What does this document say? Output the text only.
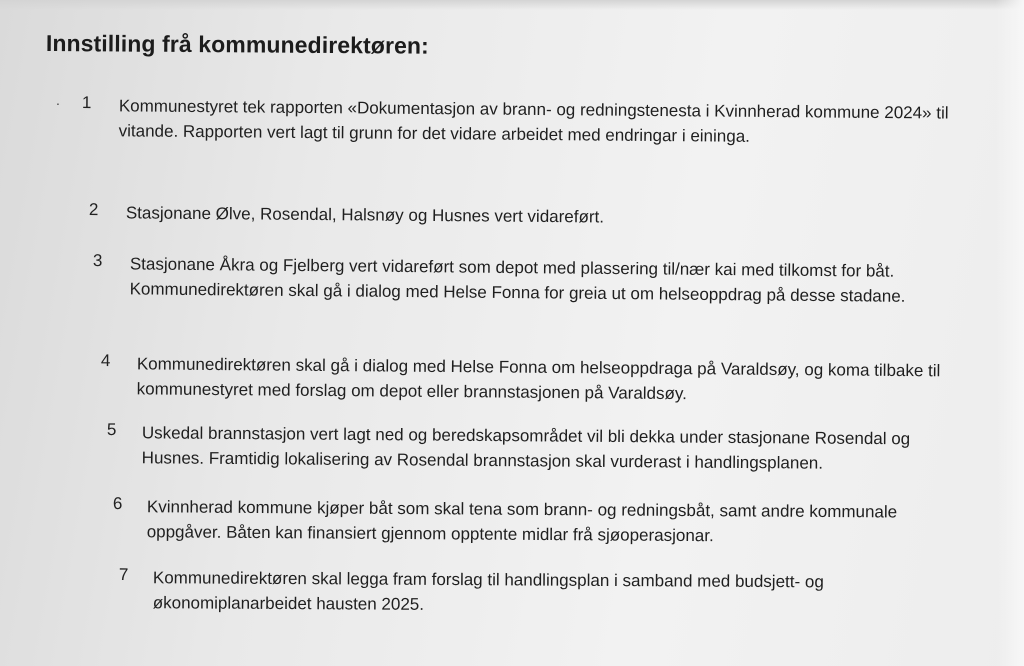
Innstilling frå kommunedirektøren:
. 1 Kommunestyret tek rapporten «Dokumentasjon av brann- og redningstenesta i Kvinnherad kommune 2024» til vitande. Rapporten vert lagt til grunn for det vidare arbeidet med endringar i eininga.
2 Stasjonane Ølve, Rosendal, Halsnøy og Husnes vert vidareført.
3 Stasjonane Åkra og Fjelberg vert vidareført som depot med plassering til/nær kai med tilkomst for båt. Kommunedirektøren skal gå i dialog med Helse Fonna for greia ut om helseoppdrag på desse stadane.
4 Kommunedirektøren skal gå i dialog med Helse Fonna om helseoppdraga på Varaldsøy, og koma tilbake til kommunestyret med forslag om depot eller brannstasjonen på Varaldsøy.
5 Uskedal brannstasjon vert lagt ned og beredskapsområdet vil bli dekka under stasjonane Rosendal og Husnes. Framtidig lokalisering av Rosendal brannstasjon skal vurderast i handlingsplanen.
6 Kvinnherad kommune kjøper båt som skal tena som brann- og redningsbåt, samt andre kommunale oppgåver. Båten kan finansiert gjennom opptente midlar frå sjøoperasjonar.
7 Kommunedirektøren skal legga fram forslag til handlingsplan i samband med budsjett- og økonomiplanarbeidet hausten 2025.
